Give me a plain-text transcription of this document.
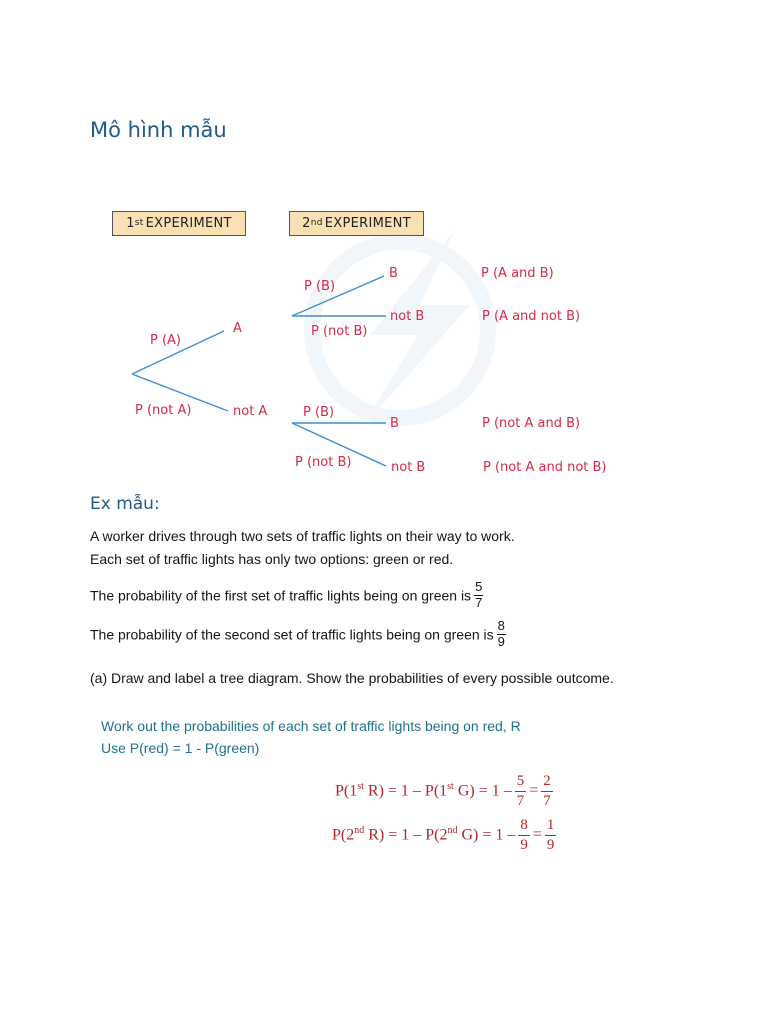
Mô hình mẫu
1st EXPERIMENT	2nd EXPERIMENT
P (A)
P (not A)
A
not A
P (B)
P (not B)
B
not B
P (B)
P (not B)
B
not B
P (A and B)
P (A and not B)
P (not A and B)
P (not A and not B)
Ex mẫu:
A worker drives through two sets of traffic lights on their way to work.
Each set of traffic lights has only two options: green or red.
The probability of the first set of traffic lights being on green is $\frac{5}{7}$
The probability of the second set of traffic lights being on green is $\frac{8}{9}$
(a) Draw and label a tree diagram. Show the probabilities of every possible outcome.
Work out the probabilities of each set of traffic lights being on red, R
Use P(red) = 1 - P(green)
P(1st R) = 1 – P(1st $G) = 1 - \frac{5}{7} = \frac{2}{7}$
P(2nd R) = 1 – P(2nd $G) = 1 - \frac{8}{9} = \frac{1}{9}$
